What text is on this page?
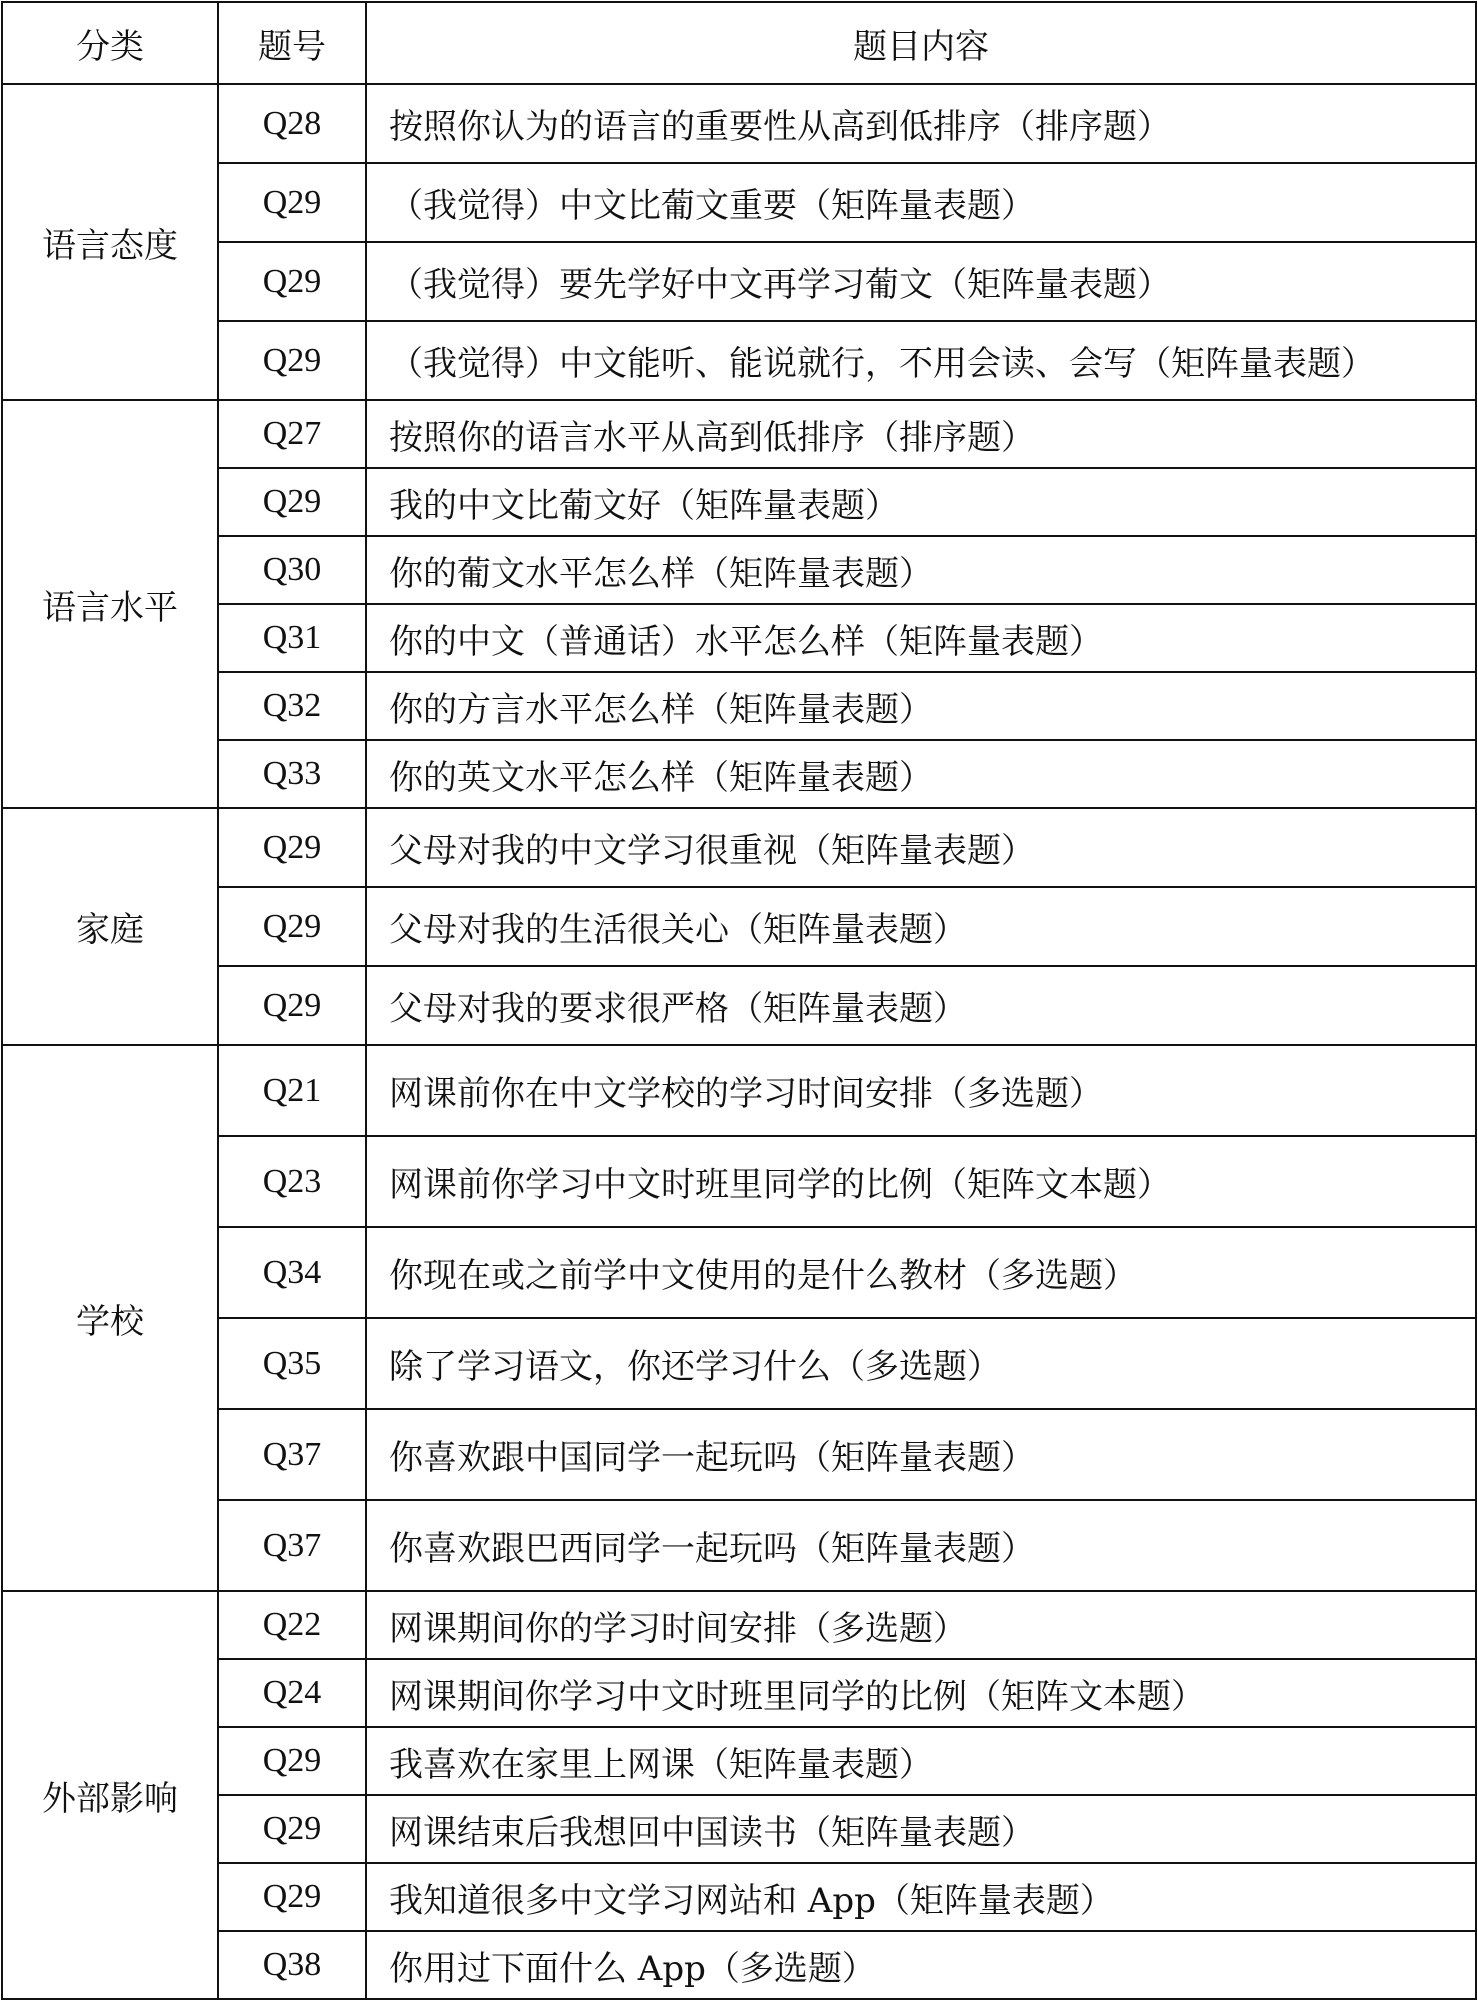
分类	题号	题目内容
语言态度	Q28	按照你认为的语言的重要性从高到低排序（排序题）
	Q29	（我觉得）中文比葡文重要（矩阵量表题）
	Q29	（我觉得）要先学好中文再学习葡文（矩阵量表题）
	Q29	（我觉得）中文能听、能说就行，不用会读、会写（矩阵量表题）
语言水平	Q27	按照你的语言水平从高到低排序（排序题）
	Q29	我的中文比葡文好（矩阵量表题）
	Q30	你的葡文水平怎么样（矩阵量表题）
	Q31	你的中文（普通话）水平怎么样（矩阵量表题）
	Q32	你的方言水平怎么样（矩阵量表题）
	Q33	你的英文水平怎么样（矩阵量表题）
家庭	Q29	父母对我的中文学习很重视（矩阵量表题）
	Q29	父母对我的生活很关心（矩阵量表题）
	Q29	父母对我的要求很严格（矩阵量表题）
学校	Q21	网课前你在中文学校的学习时间安排（多选题）
	Q23	网课前你学习中文时班里同学的比例（矩阵文本题）
	Q34	你现在或之前学中文使用的是什么教材（多选题）
	Q35	除了学习语文，你还学习什么（多选题）
	Q37	你喜欢跟中国同学一起玩吗（矩阵量表题）
	Q37	你喜欢跟巴西同学一起玩吗（矩阵量表题）
外部影响	Q22	网课期间你的学习时间安排（多选题）
	Q24	网课期间你学习中文时班里同学的比例（矩阵文本题）
	Q29	我喜欢在家里上网课（矩阵量表题）
	Q29	网课结束后我想回中国读书（矩阵量表题）
	Q29	我知道很多中文学习网站和 App（矩阵量表题）
	Q38	你用过下面什么 App（多选题）
